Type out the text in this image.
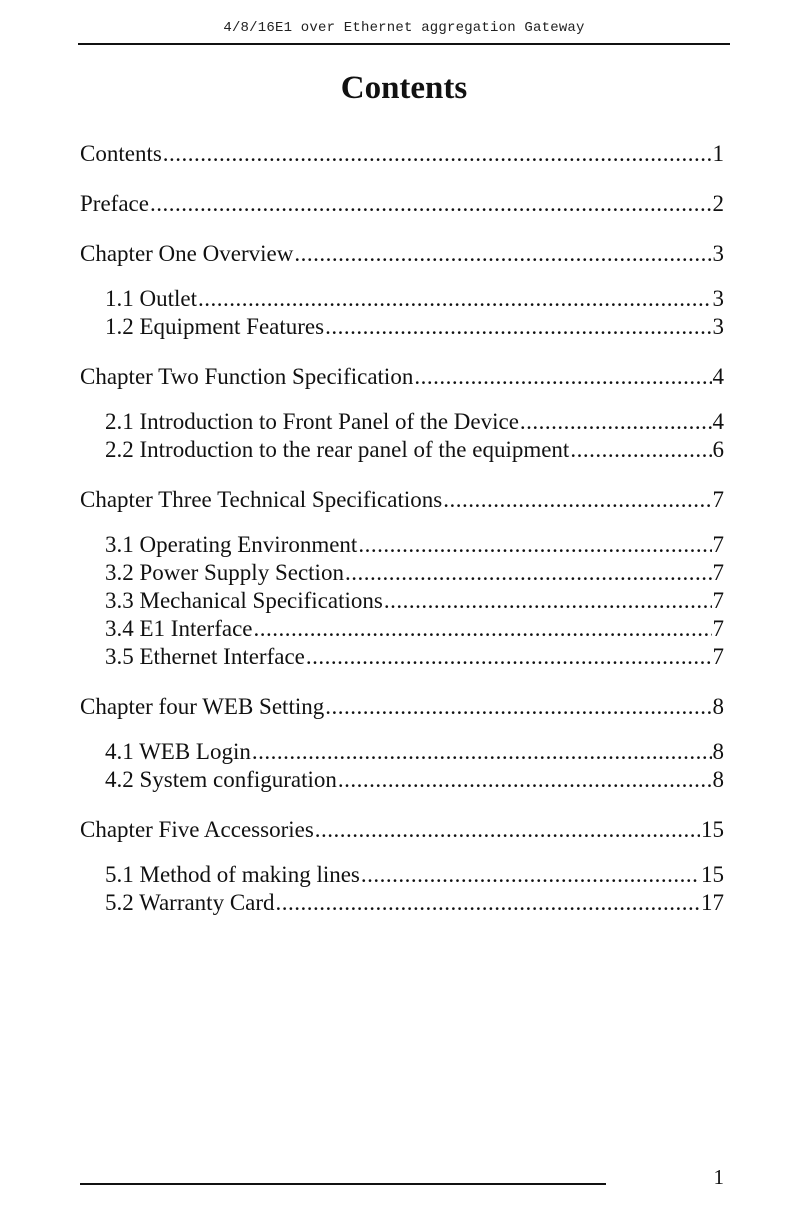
4/8/16E1 over Ethernet aggregation Gateway
Contents
Contents .....	1
Preface .....	2
Chapter One Overview .....	3
1.1 Outlet .....	3
1.2 Equipment Features .....	3
Chapter Two Function Specification .....	4
2.1 Introduction to Front Panel of the Device .....	4
2.2 Introduction to the rear panel of the equipment .....	6
Chapter Three Technical Specifications .....	7
3.1 Operating Environment .....	7
3.2 Power Supply Section .....	7
3.3 Mechanical Specifications .....	7
3.4 E1 Interface .....	7
3.5 Ethernet Interface .....	7
Chapter four WEB Setting .....	8
4.1 WEB Login .....	8
4.2 System configuration .....	8
Chapter Five Accessories .....	15
5.1 Method of making lines .....	15
5.2 Warranty Card .....	17
1
